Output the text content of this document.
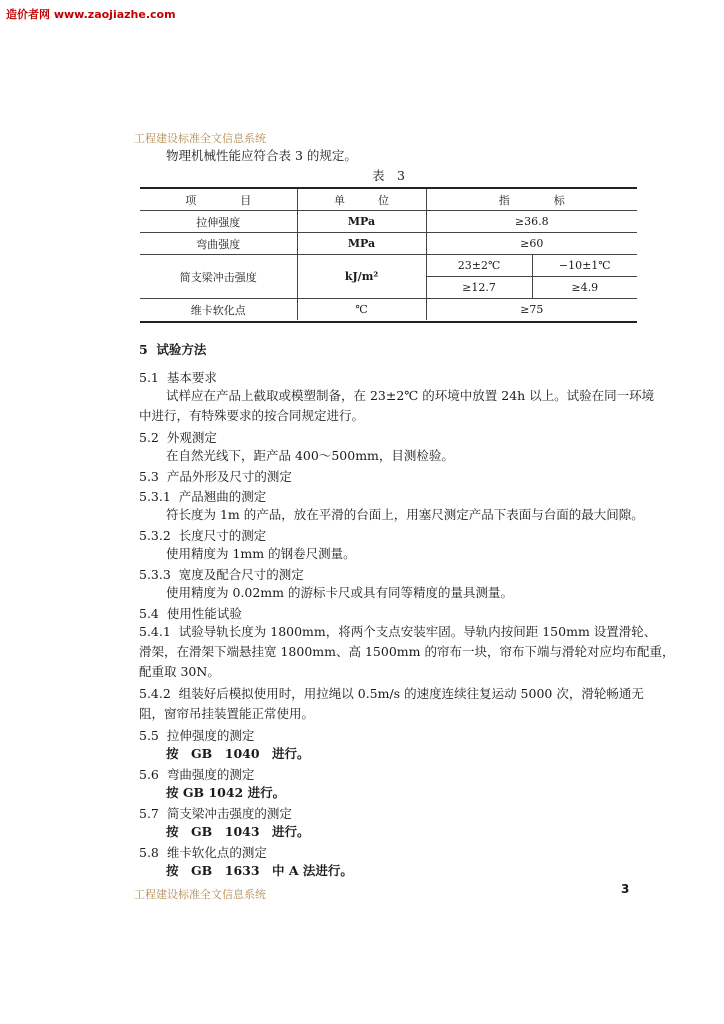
造价者网 www.zaojiazhe.com
工程建设标准全文信息系统
物理机械性能应符合表 3 的规定。
表　3
项　　　　目	单　　　位	指　　　　标	
拉伸强度	MPa	≥36.8	
弯曲强度	MPa	≥60	
简支梁冲击强度	kJ/m²	23±2℃	−10±1℃
		≥12.7	≥4.9
维卡软化点	℃	≥75	
5 试验方法
5.1 基本要求
试样应在产品上截取或模塑制备，在 23±2℃ 的环境中放置 24h 以上。试验在同一环境
中进行，有特殊要求的按合同规定进行。
5.2 外观测定
在自然光线下，距产品 400～500mm，目测检验。
5.3 产品外形及尺寸的测定
5.3.1 产品翘曲的测定
符长度为 1m 的产品，放在平滑的台面上，用塞尺测定产品下表面与台面的最大间隙。
5.3.2 长度尺寸的测定
使用精度为 1mm 的钢卷尺测量。
5.3.3 宽度及配合尺寸的测定
使用精度为 0.02mm 的游标卡尺或具有同等精度的量具测量。
5.4 使用性能试验
5.4.1 试验导轨长度为 1800mm，将两个支点安装牢固。导轨内按间距 150mm 设置滑轮、
滑架，在滑架下端悬挂宽 1800mm、高 1500mm 的帘布一块，帘布下端与滑轮对应均布配重，
配重取 30N。
5.4.2 组装好后模拟使用时，用拉绳以 0.5m/s 的速度连续往复运动 5000 次，滑轮畅通无
阻，窗帘吊挂装置能正常使用。
5.5 拉伸强度的测定
按　GB　1040　进行。
5.6 弯曲强度的测定
按 GB 1042 进行。
5.7 简支梁冲击强度的测定
按　GB　1043　进行。
5.8 维卡软化点的测定
按　GB　1633　中 A 法进行。
工程建设标准全文信息系统	3
